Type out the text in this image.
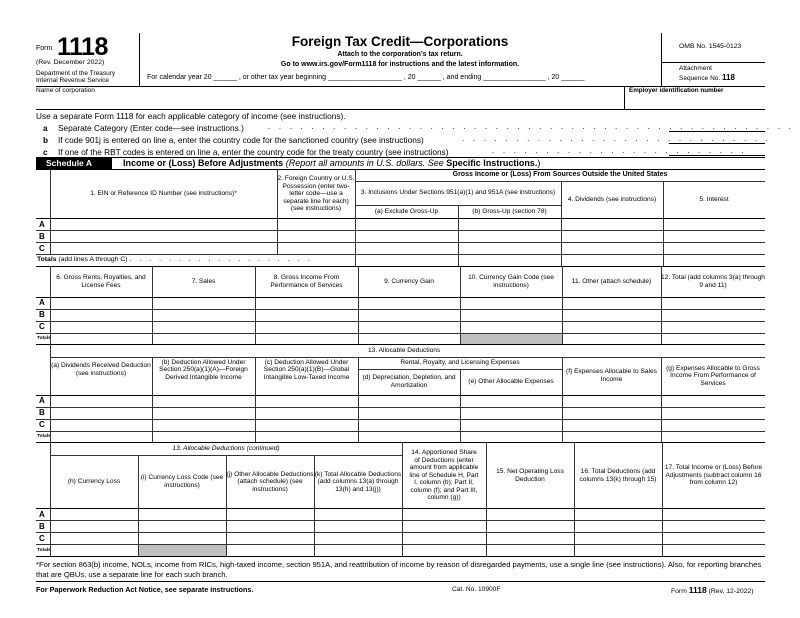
Form 1118
(Rev. December 2022)
Department of the Treasury
Internal Revenue Service
Foreign Tax Credit—Corporations
Attach to the corporation’s tax return.
Go to www.irs.gov/Form1118 for instructions and the latest information.
For calendar year 20 ______ , or other tax year beginning ___________________ , 20 ______ , and ending ________________ , 20 ______
OMB No. 1545-0123
Attachment
Sequence No. 118
Name of corporation	Employer identification number
Use a separate Form 1118 for each applicable category of income (see instructions).
a Separate Category (Enter code—see instructions.)	. . . . . . . . . . . . . . . . . . . . . . . . . . . . . . . . . . . . . . . . . . . . . . . . .
b If code 901j is entered on line a, enter the country code for the sanctioned country (see instructions)	. . . . . . . . . . . . . . . . . . . . . . . . . . . . .
c If one of the RBT codes is entered on line a, enter the country code for the treaty country (see instructions)	. . . . . . . . . . . . . . . . . . . . . . . .
Schedule A	Income or (Loss) Before Adjustments (Report all amounts in U.S. dollars. See Specific Instructions.)
1. EIN or Reference ID Number (see instructions)*
2. Foreign Country or U.S. Possession (enter two-letter code—use a separate line for each) (see instructions)
Gross Income or (Loss) From Sources Outside the United States
3. Inclusions Under Sections 951(a)(1) and 951A (see instructions)
(a) Exclude Gross-Up	(b) Gross-Up (section 78)
4. Dividends (see instructions)	5. Interest
A
B
C
Totals (add lines A through C) . . . . . . . . . . . . . . . . . . .
6. Gross Rents, Royalties, and License Fees
7. Sales
8. Gross Income From Performance of Services
9. Currency Gain
10. Currency Gain Code (see instructions)
11. Other (attach schedule)
12. Total (add columns 3(a) through 9 and 11)
A
B
C
Totals
(a) Dividends Received Deduction (see instructions)
(b) Deduction Allowed Under Section 250(a)(1)(A)—Foreign Derived Intangible Income
(c) Deduction Allowed Under Section 250(a)(1)(B)—Global Intangible Low-Taxed Income
13. Allocable Deductions
Rental, Royalty, and Licensing Expenses
(d) Depreciation, Depletion, and Amortization
(e) Other Allocable Expenses
(f) Expenses Allocable to Sales Income
(g) Expenses Allocable to Gross Income From Performance of Services
A
B
C
Totals
13. Allocable Deductions (continued)
(h) Currency Loss
(i) Currency Loss Code (see instructions)
(j) Other Allocable Deductions (attach schedule) (see instructions)
(k) Total Allocable Deductions (add columns 13(a) through 13(h) and 13(j))
14. Apportioned Share of Deductions (enter amount from applicable line of Schedule H, Part I, column (b); Part II, column (f); and Part III, column (g))
15. Net Operating Loss Deduction
16. Total Deductions (add columns 13(k) through 15)
17. Total Income or (Loss) Before Adjustments (subtract column 16 from column 12)
A
B
C
Totals
*For section 863(b) income, NOLs, income from RICs, high-taxed income, section 951A, and reattribution of income by reason of disregarded payments, use a single line (see instructions). Also, for reporting branches that are QBUs, use a separate line for each such branch.
For Paperwork Reduction Act Notice, see separate instructions.	Cat. No. 10900F	Form 1118 (Rev. 12-2022)
